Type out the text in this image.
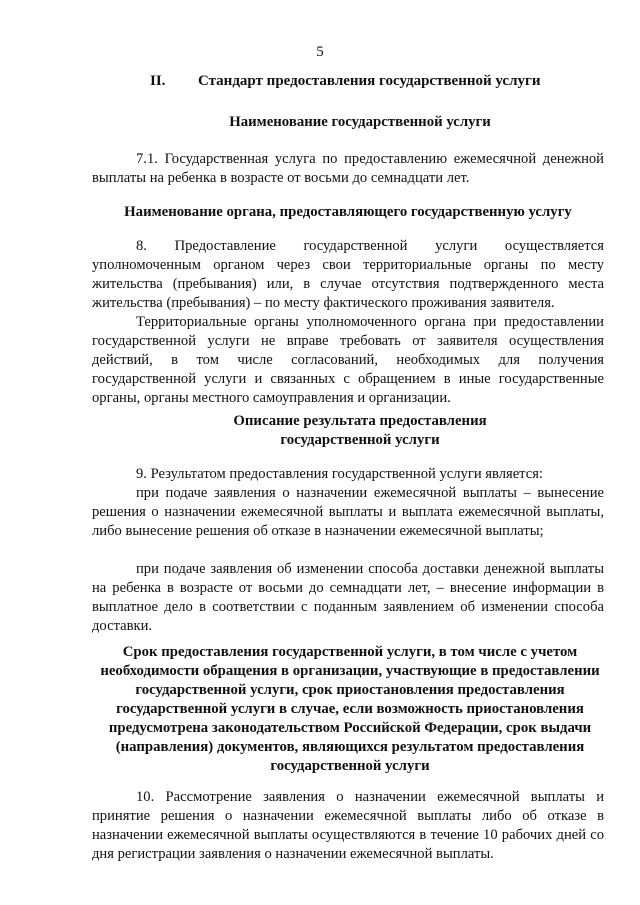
5
II. Стандарт предоставления государственной услуги
Наименование государственной услуги
7.1. Государственная услуга по предоставлению ежемесячной денежной выплаты на ребенка в возрасте от восьми до семнадцати лет.
Наименование органа, предоставляющего государственную услугу
8. Предоставление государственной услуги осуществляется уполномоченным органом через свои территориальные органы по месту жительства (пребывания) или, в случае отсутствия подтвержденного места жительства (пребывания) – по месту фактического проживания заявителя.
Территориальные органы уполномоченного органа при предоставлении государственной услуги не вправе требовать от заявителя осуществления действий, в том числе согласований, необходимых для получения государственной услуги и связанных с обращением в иные государственные органы, органы местного самоуправления и организации.
Описание результата предоставления
государственной услуги
9. Результатом предоставления государственной услуги является:
при подаче заявления о назначении ежемесячной выплаты – вынесение решения о назначении ежемесячной выплаты и выплата ежемесячной выплаты, либо вынесение решения об отказе в назначении ежемесячной выплаты;
при подаче заявления об изменении способа доставки денежной выплаты на ребенка в возрасте от восьми до семнадцати лет, – внесение информации в выплатное дело в соответствии с поданным заявлением об изменении способа доставки.
Срок предоставления государственной услуги, в том числе с учетом необходимости обращения в организации, участвующие в предоставлении государственной услуги, срок приостановления предоставления государственной услуги в случае, если возможность приостановления предусмотрена законодательством Российской Федерации, срок выдачи (направления) документов, являющихся результатом предоставления государственной услуги
10. Рассмотрение заявления о назначении ежемесячной выплаты и принятие решения о назначении ежемесячной выплаты либо об отказе в назначении ежемесячной выплаты осуществляются в течение 10 рабочих дней со дня регистрации заявления о назначении ежемесячной выплаты.
